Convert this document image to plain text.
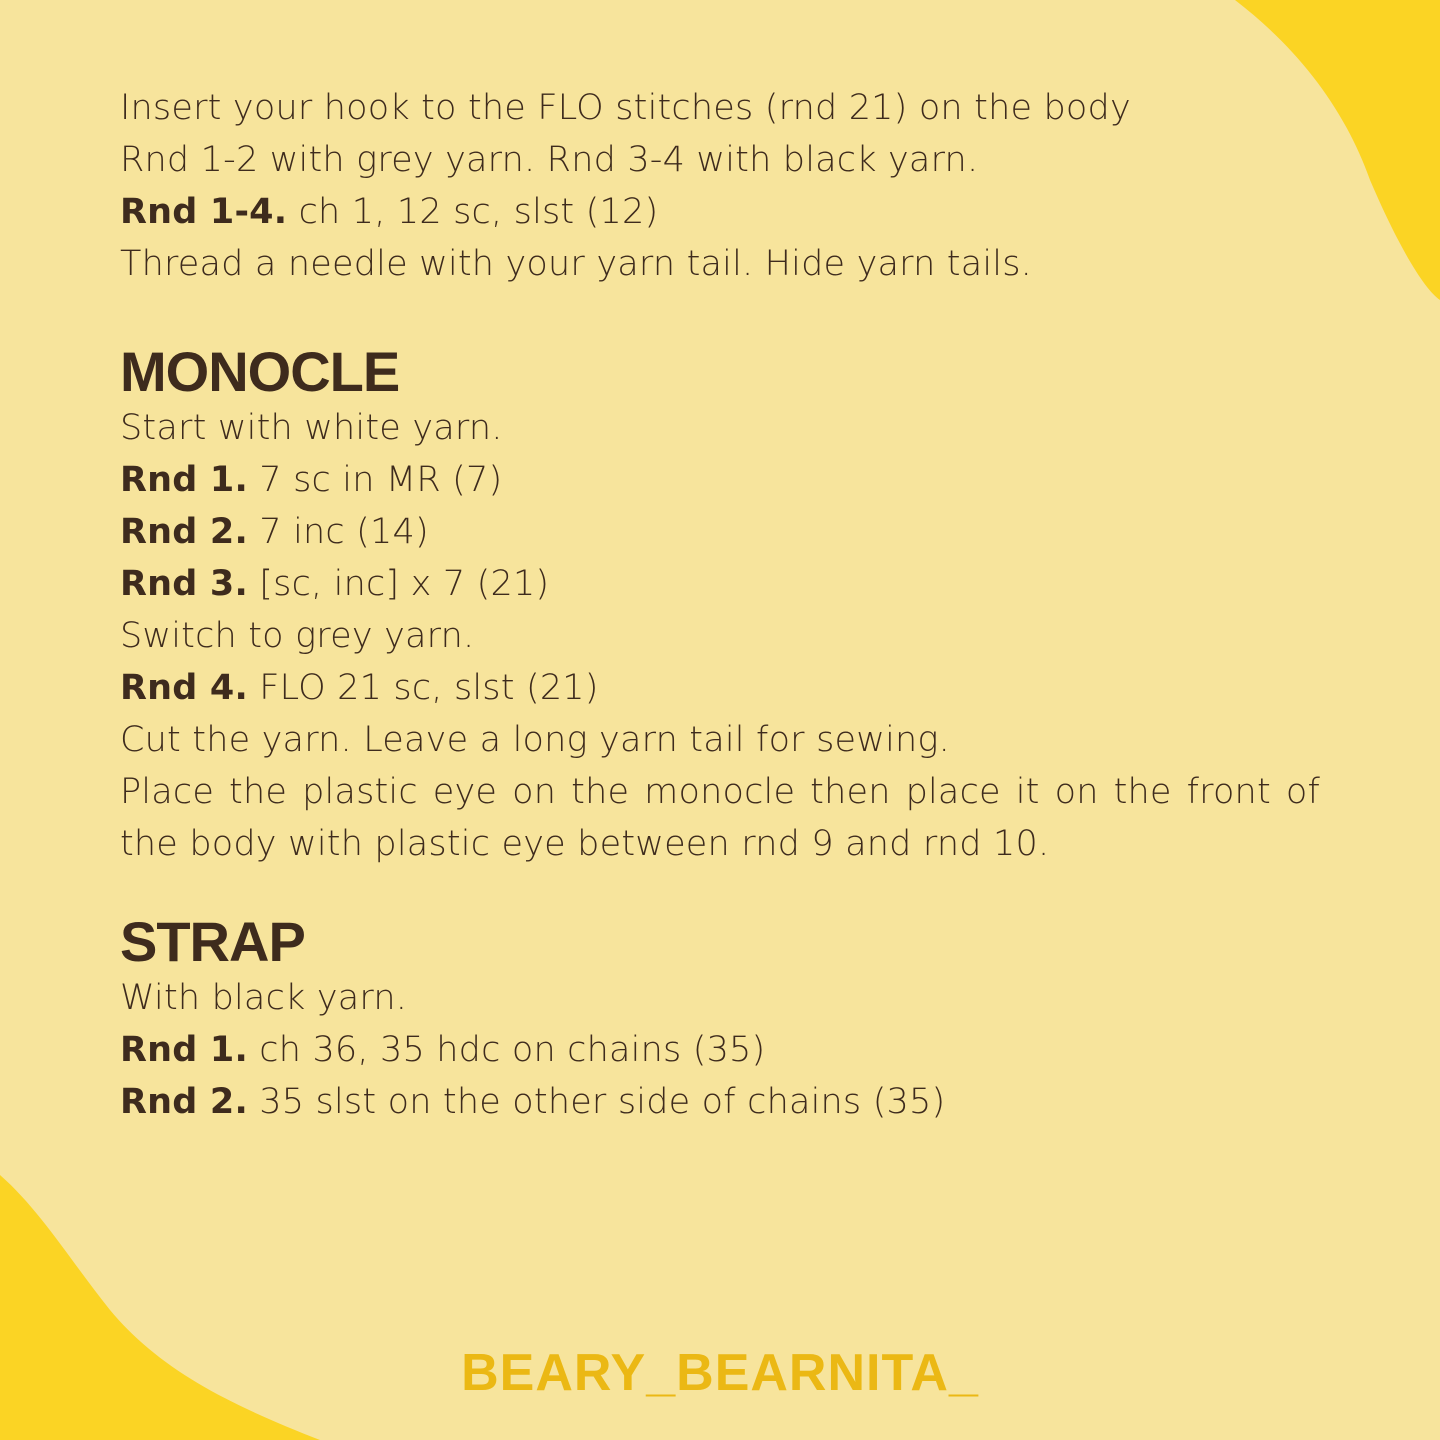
Insert your hook to the FLO stitches (rnd 21) on the body
Rnd 1-2 with grey yarn. Rnd 3-4 with black yarn.
Rnd 1-4. ch 1, 12 sc, slst (12)
Thread a needle with your yarn tail. Hide yarn tails.
MONOCLE
Start with white yarn.
Rnd 1. 7 sc in MR (7)
Rnd 2. 7 inc (14)
Rnd 3. [sc, inc] x 7 (21)
Switch to grey yarn.
Rnd 4. FLO 21 sc, slst (21)
Cut the yarn. Leave a long yarn tail for sewing.
Place the plastic eye on the monocle then place it on the front of the body with plastic eye between rnd 9 and rnd 10.
STRAP
With black yarn.
Rnd 1. ch 36, 35 hdc on chains (35)
Rnd 2. 35 slst on the other side of chains (35)
BEARY_BEARNITA_
